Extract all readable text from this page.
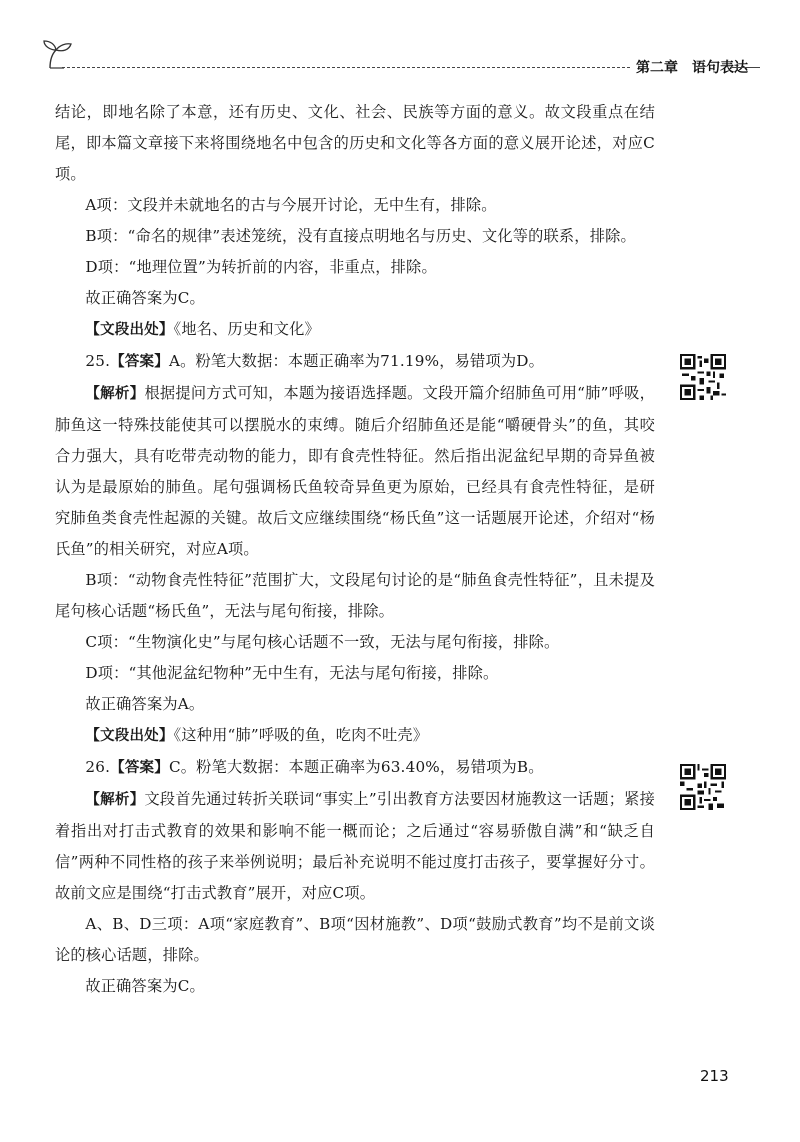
第二章　语句表达

结论，即地名除了本意，还有历史、文化、社会、民族等方面的意义。故文段重点在结尾，即本篇文章接下来将围绕地名中包含的历史和文化等各方面的意义展开论述，对应C项。

A项：文段并未就地名的古与今展开讨论，无中生有，排除。

B项：“命名的规律”表述笼统，没有直接点明地名与历史、文化等的联系，排除。

D项：“地理位置”为转折前的内容，非重点，排除。

故正确答案为C。

【文段出处】《地名、历史和文化》

25.【答案】A。粉笔大数据：本题正确率为71.19%，易错项为D。

【解析】根据提问方式可知，本题为接语选择题。文段开篇介绍肺鱼可用“肺”呼吸，肺鱼这一特殊技能使其可以摆脱水的束缚。随后介绍肺鱼还是能“嚼硬骨头”的鱼，其咬合力强大，具有吃带壳动物的能力，即有食壳性特征。然后指出泥盆纪早期的奇异鱼被认为是最原始的肺鱼。尾句强调杨氏鱼较奇异鱼更为原始，已经具有食壳性特征，是研究肺鱼类食壳性起源的关键。故后文应继续围绕“杨氏鱼”这一话题展开论述，介绍对“杨氏鱼”的相关研究，对应A项。

B项：“动物食壳性特征”范围扩大，文段尾句讨论的是“肺鱼食壳性特征”，且未提及尾句核心话题“杨氏鱼”，无法与尾句衔接，排除。

C项：“生物演化史”与尾句核心话题不一致，无法与尾句衔接，排除。

D项：“其他泥盆纪物种”无中生有，无法与尾句衔接，排除。

故正确答案为A。

【文段出处】《这种用“肺”呼吸的鱼，吃肉不吐壳》

26.【答案】C。粉笔大数据：本题正确率为63.40%，易错项为B。

【解析】文段首先通过转折关联词“事实上”引出教育方法要因材施教这一话题；紧接着指出对打击式教育的效果和影响不能一概而论；之后通过“容易骄傲自满”和“缺乏自信”两种不同性格的孩子来举例说明；最后补充说明不能过度打击孩子，要掌握好分寸。故前文应是围绕“打击式教育”展开，对应C项。

A、B、D三项：A项“家庭教育”、B项“因材施教”、D项“鼓励式教育”均不是前文谈论的核心话题，排除。

故正确答案为C。

213
